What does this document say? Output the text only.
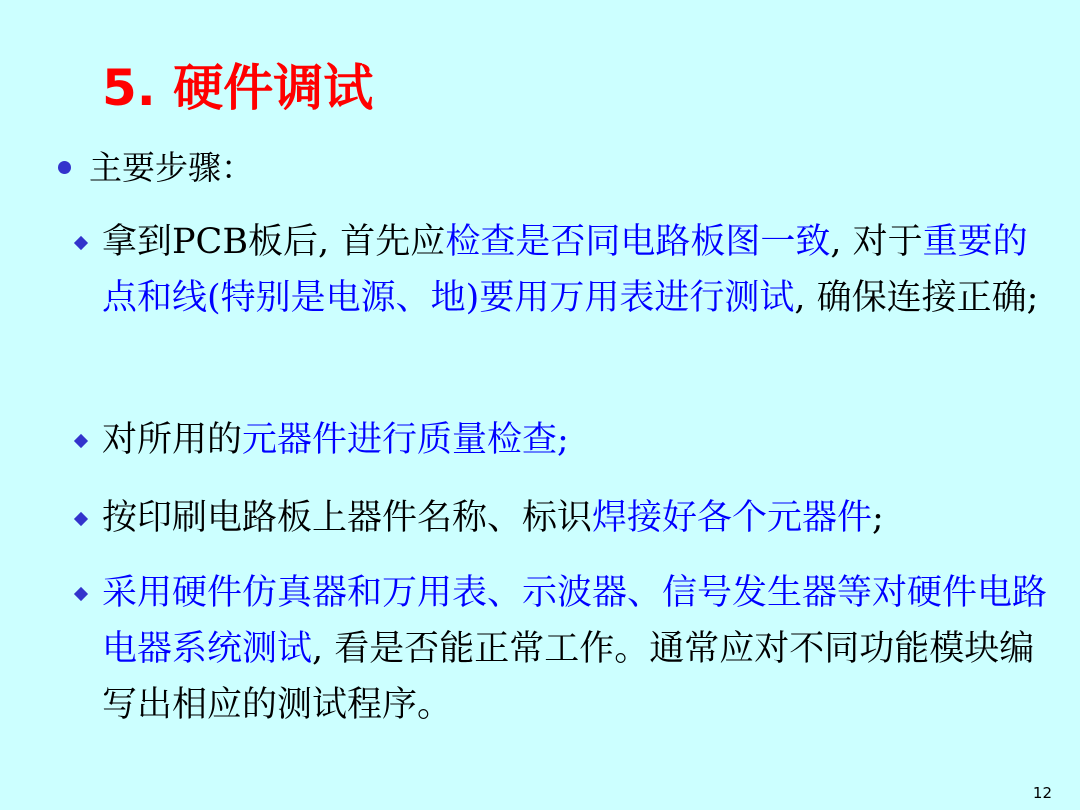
5. 硬件调试
主要步骤：
拿到PCB板后, 首先应检查是否同电路板图一致, 对于重要的点和线(特别是电源、地)要用万用表进行测试, 确保连接正确;
对所用的元器件进行质量检查;
按印刷电路板上器件名称、标识焊接好各个元器件;
采用硬件仿真器和万用表、示波器、信号发生器等对硬件电路电器系统测试, 看是否能正常工作。通常应对不同功能模块编写出相应的测试程序。
12
